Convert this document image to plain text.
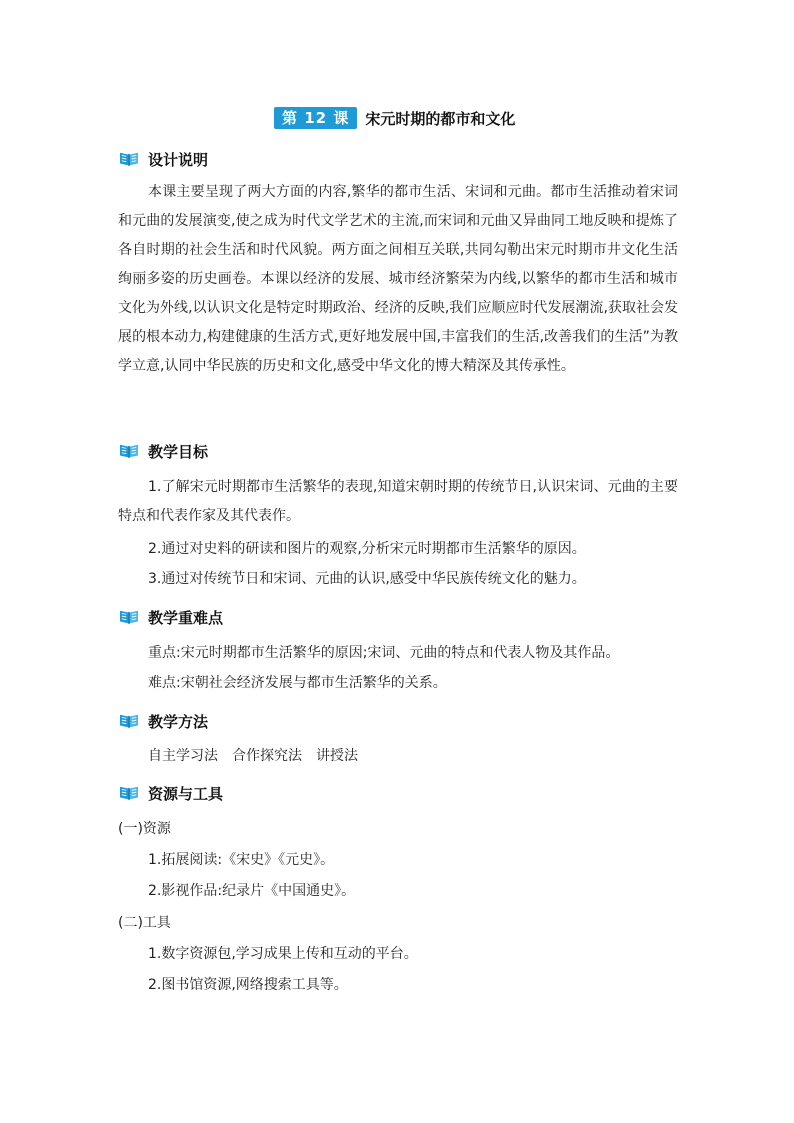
第 12 课	宋元时期的都市和文化
设计说明
本课主要呈现了两大方面的内容,繁华的都市生活、宋词和元曲。都市生活推动着宋词和元曲的发展演变,使之成为时代文学艺术的主流,而宋词和元曲又异曲同工地反映和提炼了各自时期的社会生活和时代风貌。两方面之间相互关联,共同勾勒出宋元时期市井文化生活绚丽多姿的历史画卷。本课以经济的发展、城市经济繁荣为内线,以繁华的都市生活和城市文化为外线,以认识文化是特定时期政治、经济的反映,我们应顺应时代发展潮流,获取社会发展的根本动力,构建健康的生活方式,更好地发展中国,丰富我们的生活,改善我们的生活”为教学立意,认同中华民族的历史和文化,感受中华文化的博大精深及其传承性。
教学目标
1.了解宋元时期都市生活繁华的表现,知道宋朝时期的传统节日,认识宋词、元曲的主要特点和代表作家及其代表作。
2.通过对史料的研读和图片的观察,分析宋元时期都市生活繁华的原因。
3.通过对传统节日和宋词、元曲的认识,感受中华民族传统文化的魅力。
教学重难点
重点:宋元时期都市生活繁华的原因;宋词、元曲的特点和代表人物及其作品。
难点:宋朝社会经济发展与都市生活繁华的关系。
教学方法
自主学习法　合作探究法　讲授法
资源与工具
(一)资源
1.拓展阅读:《宋史》《元史》。
2.影视作品:纪录片《中国通史》。
(二)工具
1.数字资源包,学习成果上传和互动的平台。
2.图书馆资源,网络搜索工具等。
